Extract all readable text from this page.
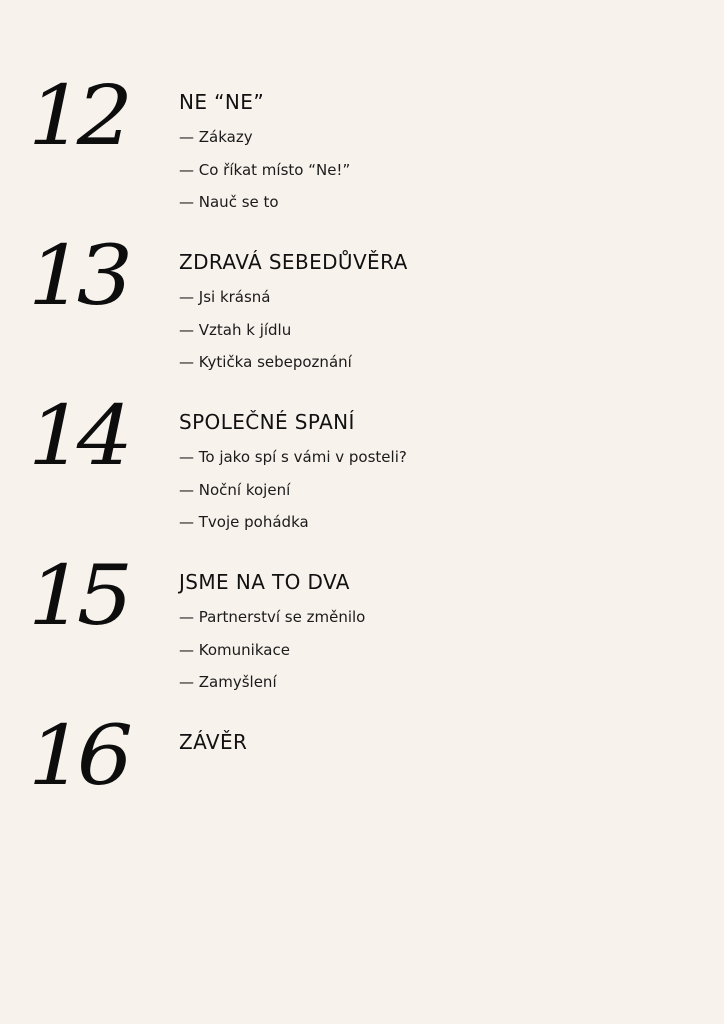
12	NE “NE”
— Zákazy
— Co říkat místo “Ne!”
— Nauč se to
13	ZDRAVÁ SEBEDŮVĚRA
— Jsi krásná
— Vztah k jídlu
— Kytička sebepoznání
14	SPOLEČNÉ SPANÍ
— To jako spí s vámi v posteli?
— Noční kojení
— Tvoje pohádka
15	JSME NA TO DVA
— Partnerství se změnilo
— Komunikace
— Zamyšlení
16	ZÁVĚR
